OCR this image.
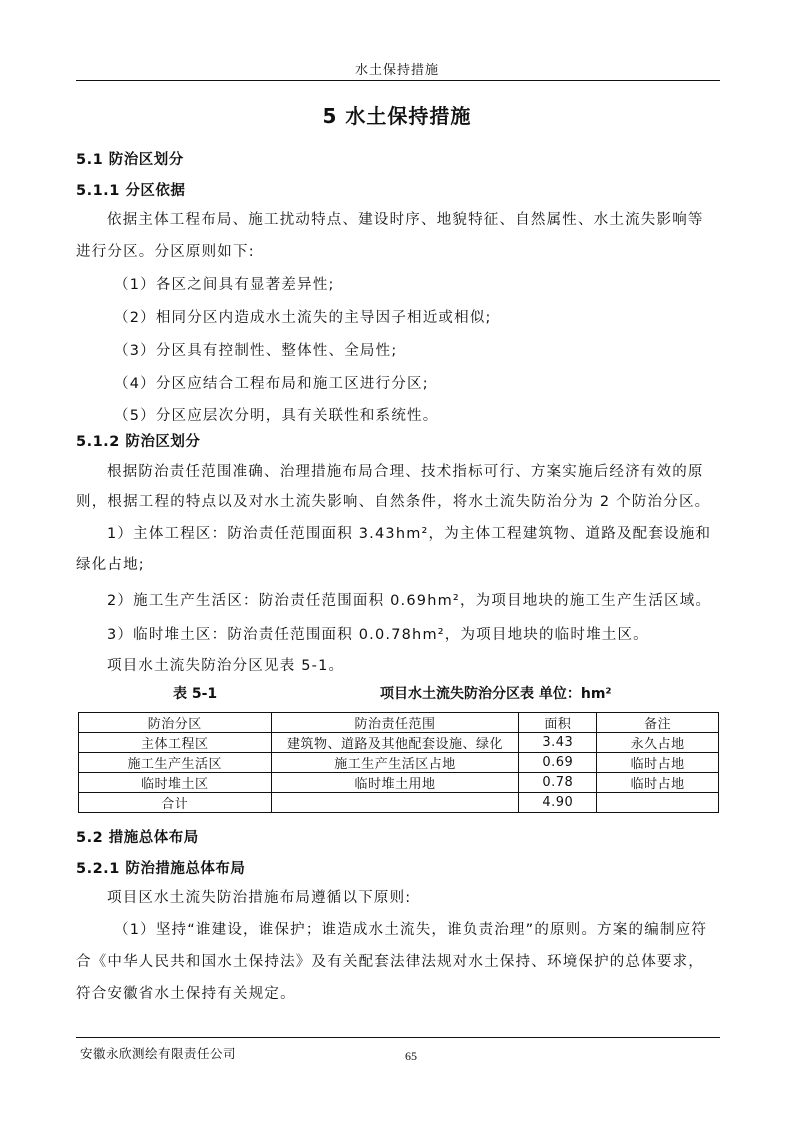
水土保持措施
5 水土保持措施
5.1 防治区划分
5.1.1 分区依据
依据主体工程布局、施工扰动特点、建设时序、地貌特征、自然属性、水土流失影响等
进行分区。分区原则如下:
（1）各区之间具有显著差异性;
（2）相同分区内造成水土流失的主导因子相近或相似;
（3）分区具有控制性、整体性、全局性;
（4）分区应结合工程布局和施工区进行分区;
（5）分区应层次分明，具有关联性和系统性。
5.1.2 防治区划分
根据防治责任范围准确、治理措施布局合理、技术指标可行、方案实施后经济有效的原
则，根据工程的特点以及对水土流失影响、自然条件，将水土流失防治分为 2 个防治分区。
1）主体工程区：防治责任范围面积 3.43hm²，为主体工程建筑物、道路及配套设施和
绿化占地;
2）施工生产生活区：防治责任范围面积 0.69hm²，为项目地块的施工生产生活区域。
3）临时堆土区：防治责任范围面积 0.0.78hm²，为项目地块的临时堆土区。
项目水土流失防治分区见表 5-1。
表 5-1	项目水土流失防治分区表 单位：hm²
防治分区	防治责任范围	面积	备注
主体工程区	建筑物、道路及其他配套设施、绿化	3.43	永久占地
施工生产生活区	施工生产生活区占地	0.69	临时占地
临时堆土区	临时堆土用地	0.78	临时占地
合计		4.90	
5.2 措施总体布局
5.2.1 防治措施总体布局
项目区水土流失防治措施布局遵循以下原则:
（1）坚持“谁建设，谁保护；谁造成水土流失，谁负责治理”的原则。方案的编制应符
合《中华人民共和国水土保持法》及有关配套法律法规对水土保持、环境保护的总体要求，
符合安徽省水土保持有关规定。
安徽永欣测绘有限责任公司	65
